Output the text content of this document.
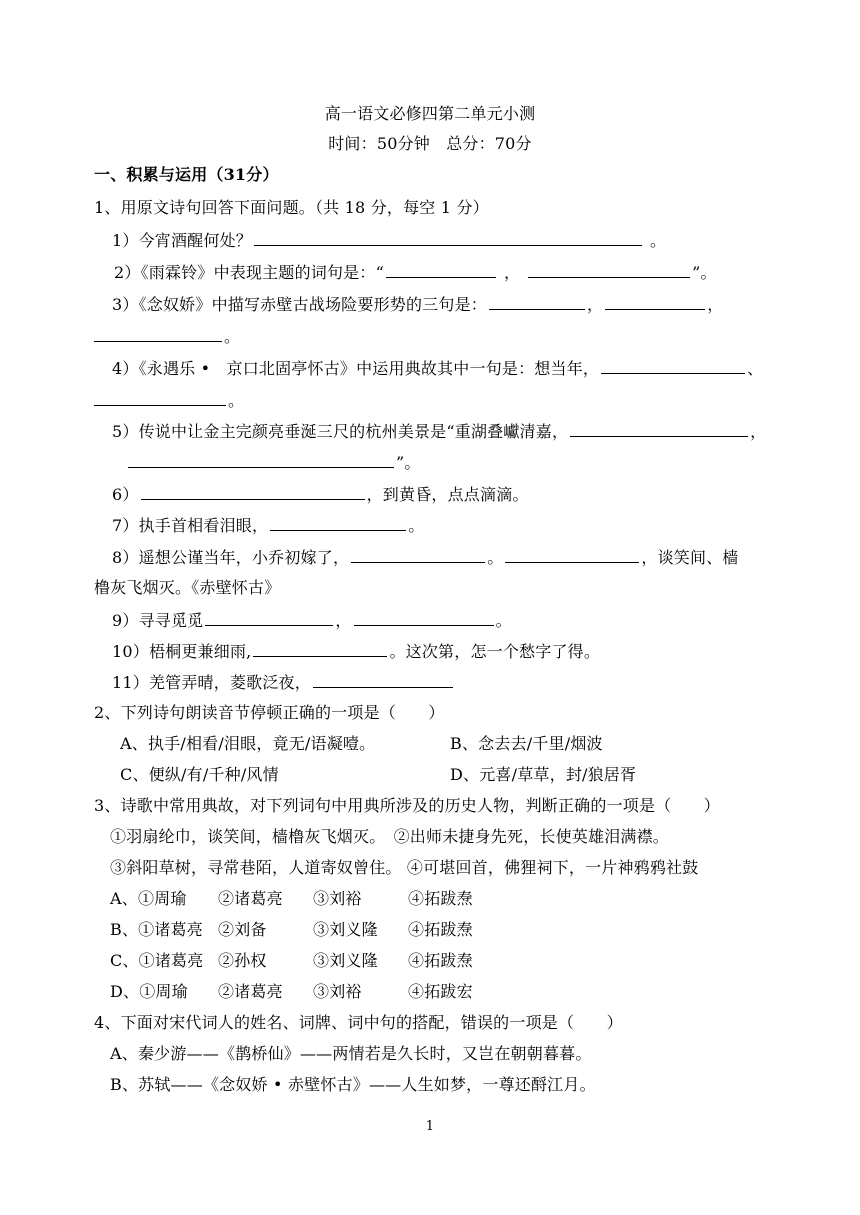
高一语文必修四第二单元小测
时间：50分钟　总分：70分
一、积累与运用（31分）
1、用原文诗句回答下面问题。（共 18 分，每空 1 分）
1）今宵酒醒何处？	。
2）《雨霖铃》中表现主题的词句是：“	，	”。
3）《念奴娇》中描写赤壁古战场险要形势的三句是：	，	，
。
4）《永遇乐 •　京口北固亭怀古》中运用典故其中一句是：想当年，	、
。
5）传说中让金主完颜亮垂涎三尺的杭州美景是“重湖叠巘清嘉，	，
”。
6）	，到黄昏，点点滴滴。
7）执手首相看泪眼，	。
8）遥想公谨当年，小乔初嫁了，	。	，谈笑间、樯
橹灰飞烟灭。《赤壁怀古》
9）寻寻觅觅	，	。
10）梧桐更兼细雨,	。这次第，怎一个愁字了得。
11）羌管弄晴，菱歌泛夜，
2、下列诗句朗读音节停顿正确的一项是（　　）
A、执手/相看/泪眼，竟无/语凝噎。	B、念去去/千里/烟波
C、便纵/有/千种/风情	D、元喜/草草，封/狼居胥
3、诗歌中常用典故，对下列词句中用典所涉及的历史人物，判断正确的一项是（　　）
①羽扇纶巾，谈笑间，樯橹灰飞烟灭。　②出师未捷身先死，长使英雄泪满襟。
③斜阳草树，寻常巷陌，人道寄奴曾住。 ④可堪回首，佛狸祠下，一片神鸦鸦社鼓
A、①周瑜 ②诸葛亮 ③刘裕	④拓跋焘
B、①诸葛亮 ②刘备	③刘义隆 ④拓跋焘
C、①诸葛亮 ②孙权	③刘义隆 ④拓跋焘
D、①周瑜 ②诸葛亮 ③刘裕	④拓跋宏
4、下面对宋代词人的姓名、词牌、词中句的搭配，错误的一项是（　　）
A、秦少游——《鹊桥仙》——两情若是久长时，又岂在朝朝暮暮。
B、苏轼——《念奴娇 • 赤壁怀古》——人生如梦，一尊还酹江月。
1
